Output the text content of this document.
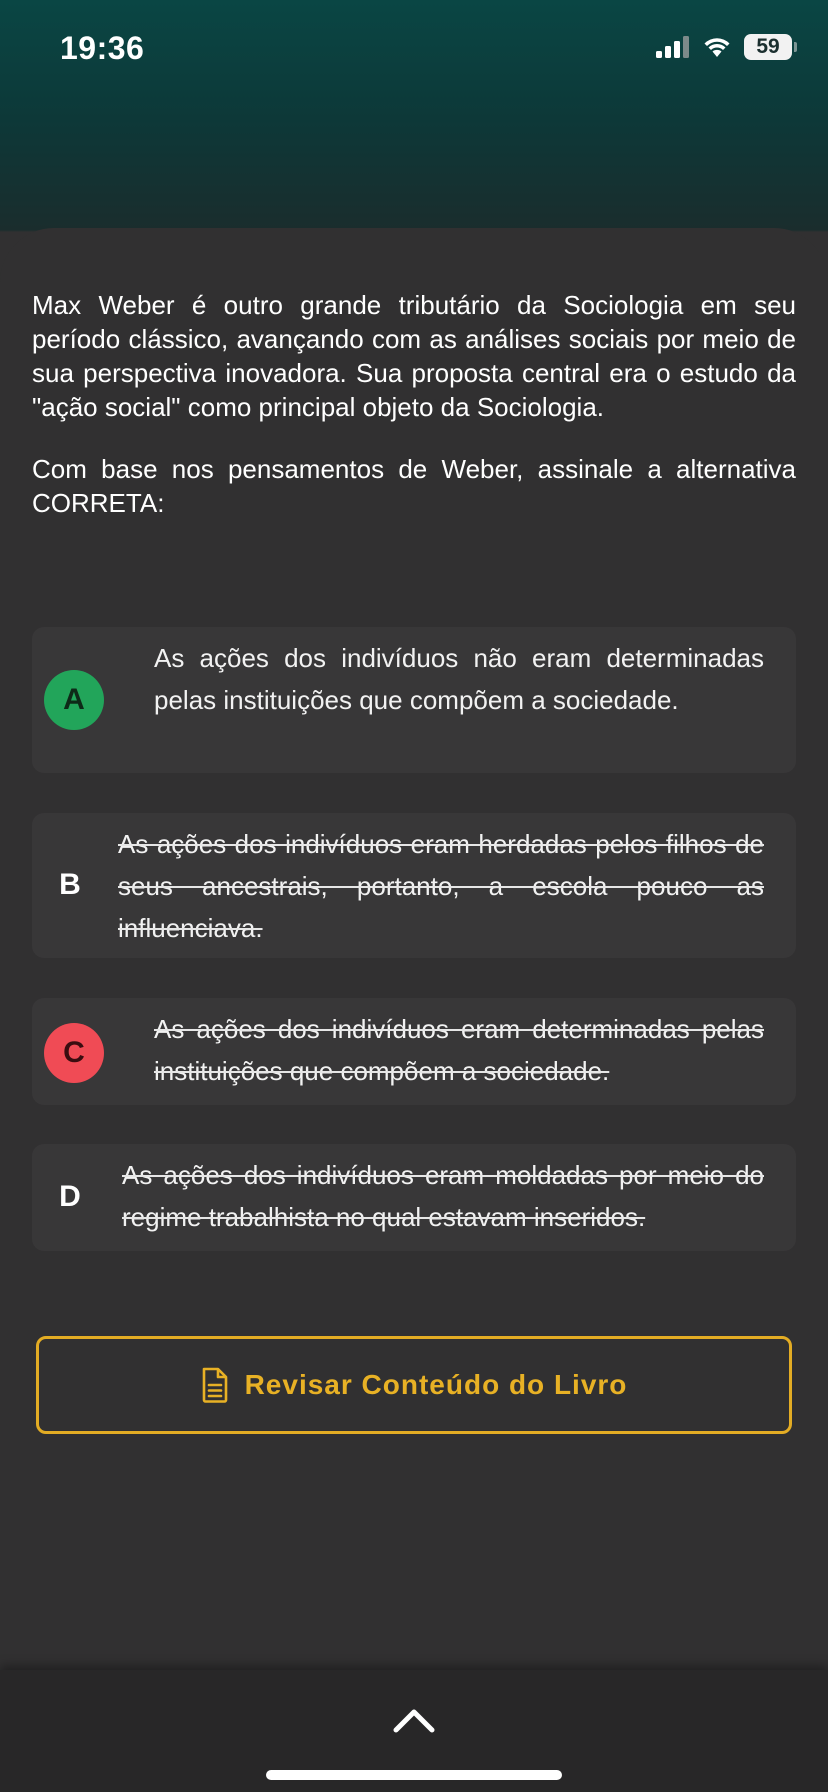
19:36	59

Max Weber é outro grande tributário da Sociologia em seu período clássico, avançando com as análises sociais por meio de sua perspectiva inovadora. Sua proposta central era o estudo da "ação social" como principal objeto da Sociologia.

Com base nos pensamentos de Weber, assinale a alternativa CORRETA:

A
As ações dos indivíduos não eram determinadas pelas instituições que compõem a sociedade.
B
As ações dos indivíduos eram herdadas pelos filhos de seus ancestrais, portanto, a escola pouco as influenciava.
C
As ações dos indivíduos eram determinadas pelas instituições que compõem a sociedade.
D
As ações dos indivíduos eram moldadas por meio do regime trabalhista no qual estavam inseridos.
Revisar Conteúdo do Livro
